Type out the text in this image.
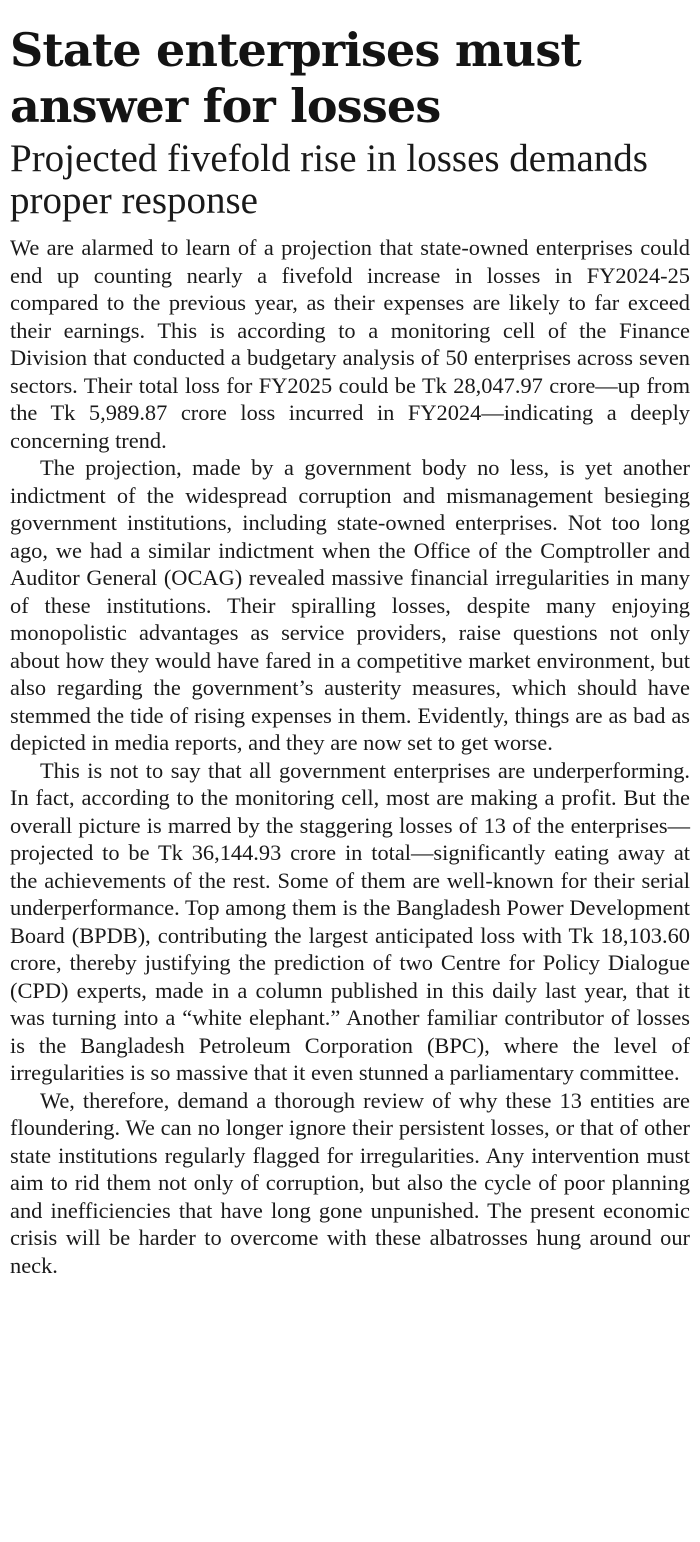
State enterprises must answer for losses
Projected fivefold rise in losses demands proper response

We are alarmed to learn of a projection that state-owned enterprises could end up counting nearly a fivefold increase in losses in FY2024-25 compared to the previous year, as their expenses are likely to far exceed their earnings. This is according to a monitoring cell of the Finance Division that conducted a budgetary analysis of 50 enterprises across seven sectors. Their total loss for FY2025 could be Tk 28,047.97 crore—up from the Tk 5,989.87 crore loss incurred in FY2024—indicating a deeply concerning trend.

The projection, made by a government body no less, is yet another indictment of the widespread corruption and mismanagement besieging government institutions, including state-owned enterprises. Not too long ago, we had a similar indictment when the Office of the Comptroller and Auditor General (OCAG) revealed massive financial irregularities in many of these institutions. Their spiralling losses, despite many enjoying monopolistic advantages as service providers, raise questions not only about how they would have fared in a competitive market environment, but also regarding the government’s austerity measures, which should have stemmed the tide of rising expenses in them. Evidently, things are as bad as depicted in media reports, and they are now set to get worse.

This is not to say that all government enterprises are underperforming. In fact, according to the monitoring cell, most are making a profit. But the overall picture is marred by the staggering losses of 13 of the enterprises—projected to be Tk 36,144.93 crore in total—significantly eating away at the achievements of the rest. Some of them are well-known for their serial underperformance. Top among them is the Bangladesh Power Development Board (BPDB), contributing the largest anticipated loss with Tk 18,103.60 crore, thereby justifying the prediction of two Centre for Policy Dialogue (CPD) experts, made in a column published in this daily last year, that it was turning into a “white elephant.” Another familiar contributor of losses is the Bangladesh Petroleum Corporation (BPC), where the level of irregularities is so massive that it even stunned a parliamentary committee.

We, therefore, demand a thorough review of why these 13 entities are floundering. We can no longer ignore their persistent losses, or that of other state institutions regularly flagged for irregularities. Any intervention must aim to rid them not only of corruption, but also the cycle of poor planning and inefficiencies that have long gone unpunished. The present economic crisis will be harder to overcome with these albatrosses hung around our neck.
